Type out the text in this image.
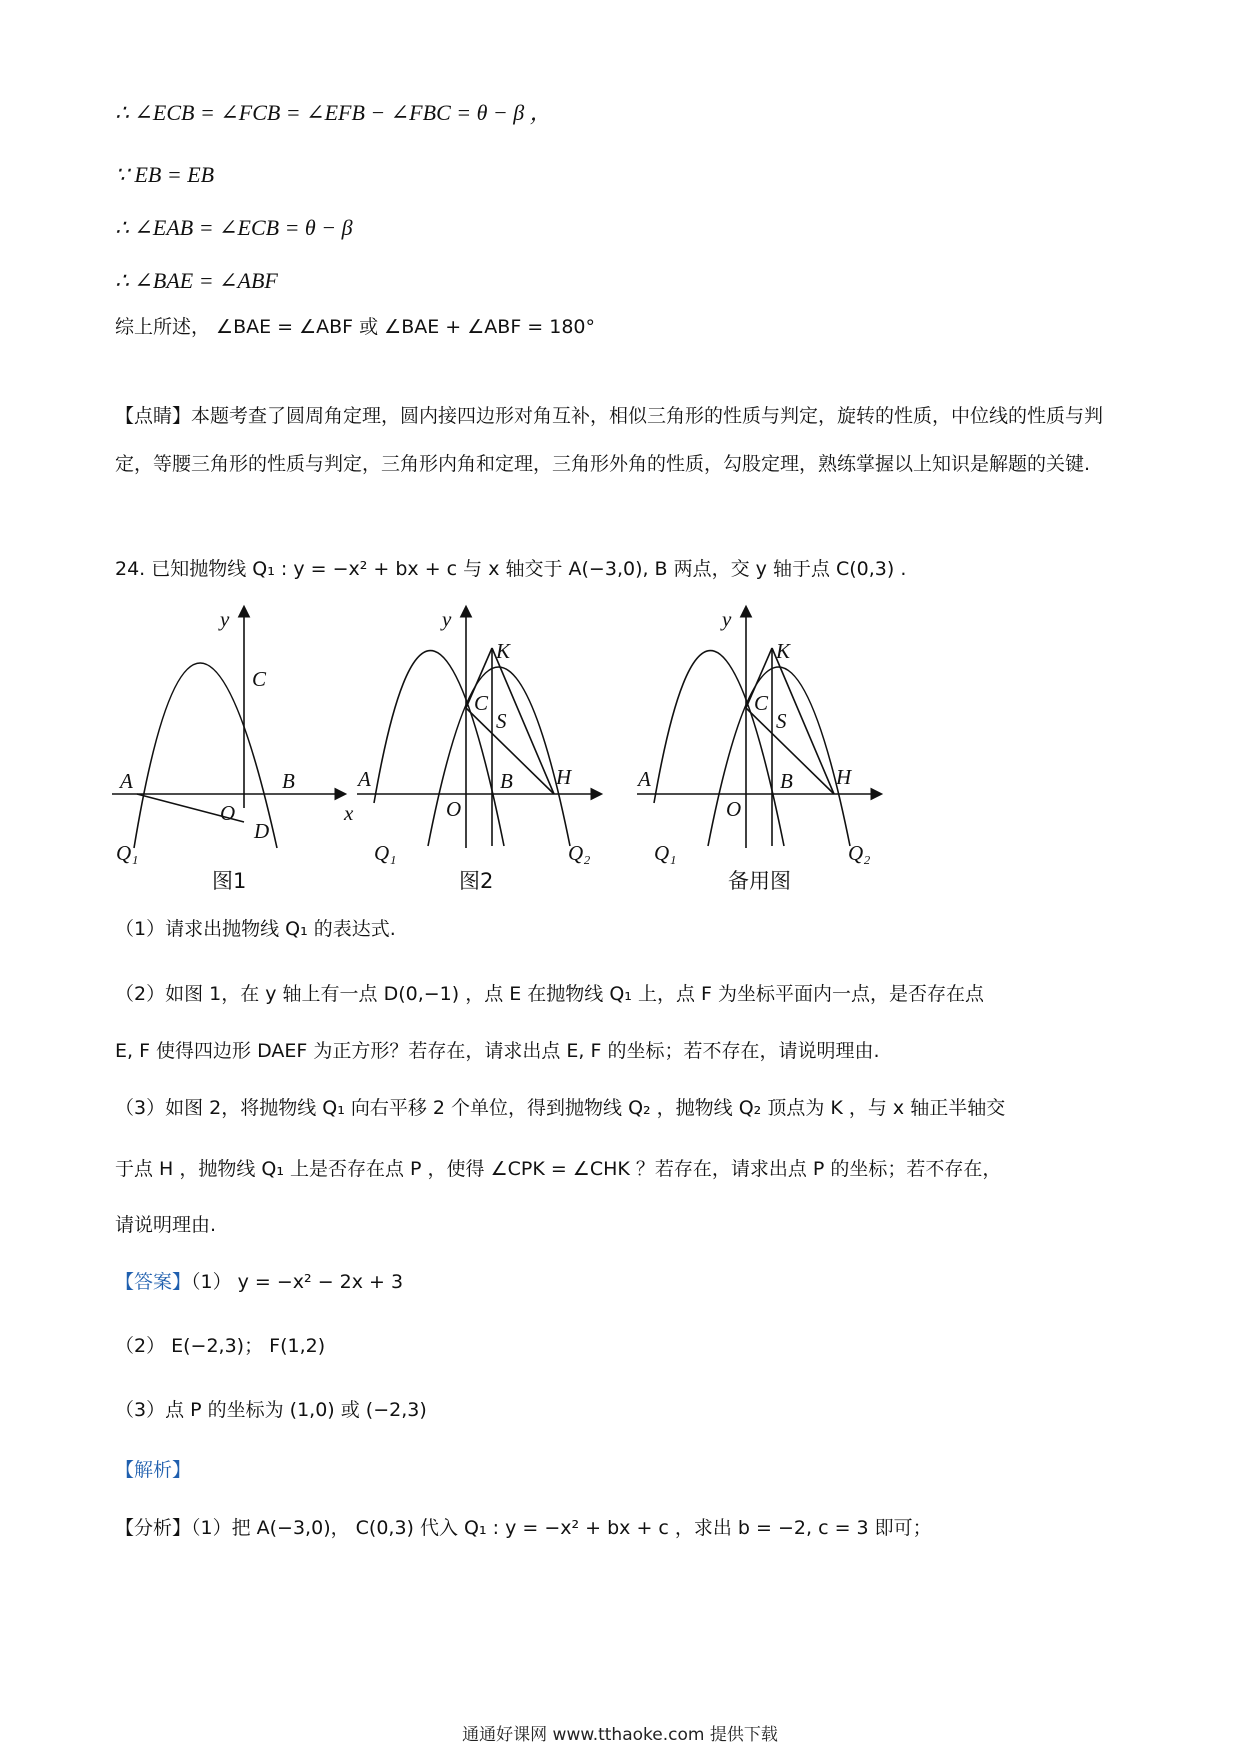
∴ ∠ECB = ∠FCB = ∠EFB − ∠FBC = θ − β ，
∵ EB = EB
∴ ∠EAB = ∠ECB = θ − β
∴ ∠BAE = ∠ABF
综上所述， ∠BAE = ∠ABF 或 ∠BAE + ∠ABF = 180°
【点睛】本题考查了圆周角定理，圆内接四边形对角互补，相似三角形的性质与判定，旋转的性质，中位线的性质与判定，等腰三角形的性质与判定，三角形内角和定理，三角形外角的性质，勾股定理，熟练掌握以上知识是解题的关键.
24. 已知抛物线 Q₁ : y = −x² + bx + c 与 x 轴交于 A(−3,0), B 两点，交 y 轴于点 C(0,3) .
y
x
A	B
C
O
D
Q₁
图1
y
K
C
S
A	B H
O
Q₁	Q₂
图2
y
K
C
S
A	B H
O
Q₁	Q₂
备用图
（1）请求出抛物线 Q₁ 的表达式.
（2）如图 1，在 y 轴上有一点 D(0,−1) ，点 E 在抛物线 Q₁ 上，点 F 为坐标平面内一点，是否存在点
E, F 使得四边形 DAEF 为正方形？若存在，请求出点 E, F 的坐标；若不存在，请说明理由.
（3）如图 2，将抛物线 Q₁ 向右平移 2 个单位，得到抛物线 Q₂ ，抛物线 Q₂ 顶点为 K ，与 x 轴正半轴交
于点 H ，抛物线 Q₁ 上是否存在点 P ，使得 ∠CPK = ∠CHK ？若存在，请求出点 P 的坐标；若不存在，
请说明理由.
【答案】（1） y = −x² − 2x + 3
（2） E(−2,3)； F(1,2)
（3）点 P 的坐标为 (1,0) 或 (−2,3)
【解析】
【分析】（1）把 A(−3,0)， C(0,3) 代入 Q₁ : y = −x² + bx + c ，求出 b = −2, c = 3 即可；
通通好课网 www.tthaoke.com 提供下载
